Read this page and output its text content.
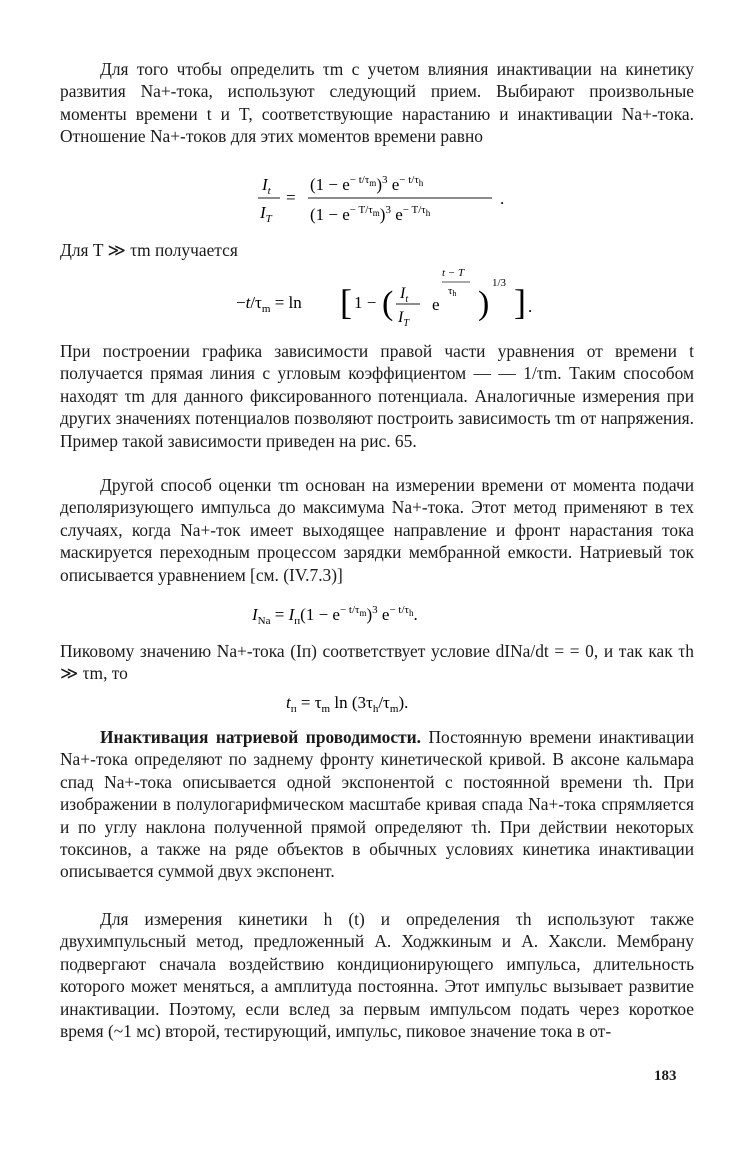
Для того чтобы определить τm с учетом влияния инактивации на кинетику развития Na+-тока, используют следующий прием. Выбирают произвольные моменты времени t и T, соответствующие нарастанию и инактивации Na+-тока. Отношение Na+-токов для этих моментов времени равно

$I_t$
$I_T$
=
$(1 - e^{- t/\tau}m)^3$ $e^{- t/\tau}h$
$(1 - e^{- T/\tau}m)^3$ $e^{- T/\tau}h$
.
Для T ≫ τm получается
$-t/\tau_m = \ln$ [ 1 − ( $I_t$
$I_T$
e
t − T
τh )
1/3 ] .

При построении графика зависимости правой части уравнения от времени t получается прямая линия с угловым коэффициентом — — 1/τm. Таким способом находят τm для данного фиксированного потенциала. Аналогичные измерения при других значениях потенциалов позволяют построить зависимость τm от напряжения. Пример такой зависимости приведен на рис. 65.

Другой способ оценки τm основан на измерении времени от момента подачи деполяризующего импульса до максимума Na+-тока. Этот метод применяют в тех случаях, когда Na+-ток имеет выходящее направление и фронт нарастания тока маскируется переходным процессом зарядки мембранной емкости. Натриевый ток описывается уравнением [см. (IV.7.3)]

$I_{Na} = I_п(1 - e^{- t/\tau}m)^3$ $e^{- t/\tau}h$.

Пиковому значению Na+-тока (Iп) соответствует условие dINa/dt = = 0, и так как τh ≫ τm, то

$t_п = \tau_m$ $\ln (3\tau_h/\tau_m)$.

Инактивация натриевой проводимости. Постоянную времени инактивации Na+-тока определяют по заднему фронту кинетической кривой. В аксоне кальмара спад Na+-тока описывается одной экспонентой с постоянной времени τh. При изображении в полулогарифмическом масштабе кривая спада Na+-тока спрямляется и по углу наклона полученной прямой определяют τh. При действии некоторых токсинов, а также на ряде объектов в обычных условиях кинетика инактивации описывается суммой двух экспонент.

Для измерения кинетики h (t) и определения τh используют также двухимпульсный метод, предложенный А. Ходжкиным и А. Хаксли. Мембрану подвергают сначала воздействию кондиционирующего импульса, длительность которого может меняться, а амплитуда постоянна. Этот импульс вызывает развитие инактивации. Поэтому, если вслед за первым импульсом подать через короткое время (~1 мс) второй, тестирующий, импульс, пиковое значение тока в от-

183
